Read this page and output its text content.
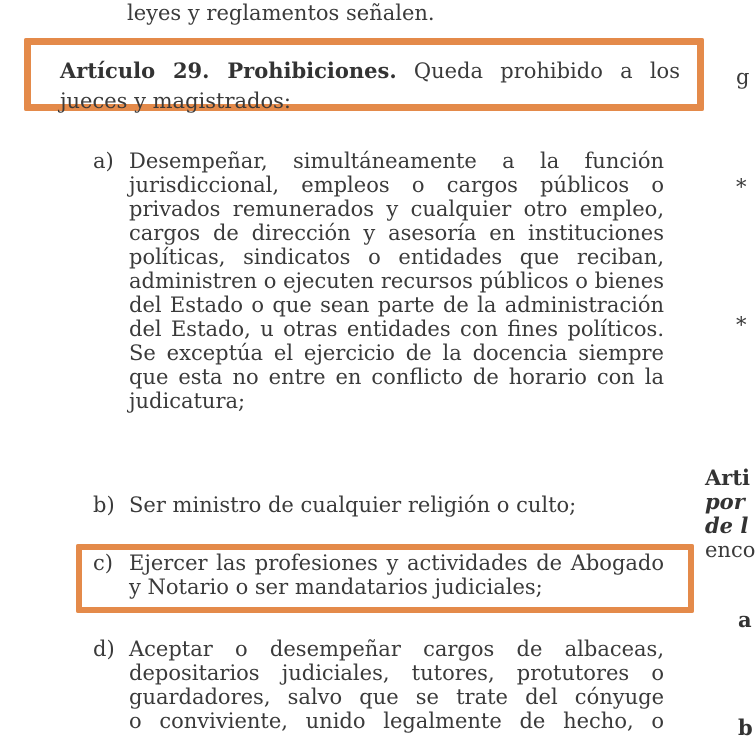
leyes y reglamentos señalen.
Artículo 29. Prohibiciones. Queda prohibido a los
jueces y magistrados:
a) Desempeñar, simultáneamente a la función
jurisdiccional, empleos o cargos públicos o
privados remunerados y cualquier otro empleo,
cargos de dirección y asesoría en instituciones
políticas, sindicatos o entidades que reciban,
administren o ejecuten recursos públicos o bienes
del Estado o que sean parte de la administración
del Estado, u otras entidades con fines políticos.
Se exceptúa el ejercicio de la docencia siempre
que esta no entre en conflicto de horario con la
judicatura;
b) Ser ministro de cualquier religión o culto;
c) Ejercer las profesiones y actividades de Abogado
y Notario o ser mandatarios judiciales;
d) Aceptar o desempeñar cargos de albaceas,
depositarios judiciales, tutores, protutores o
guardadores, salvo que se trate del cónyuge
o conviviente, unido legalmente de hecho, o
g
*
*
Arti
por
de l
enco
a
b
